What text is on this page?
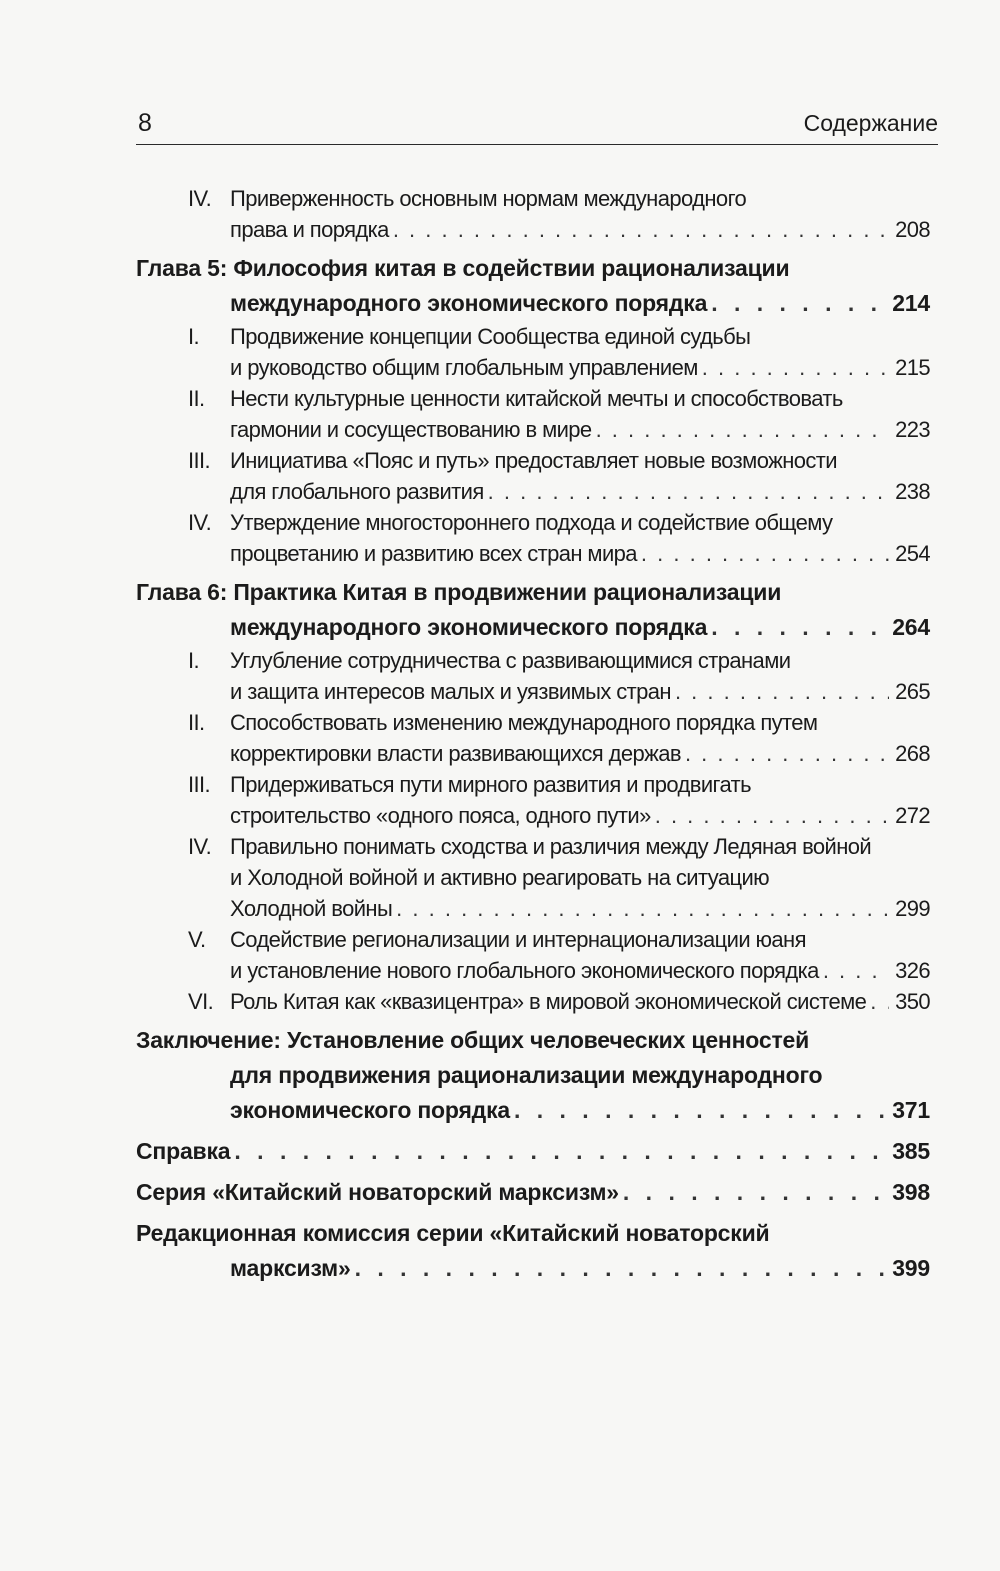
8	Содержание
IV. Приверженность основным нормам международного
права и порядка . . .	208
Глава 5: Философия китая в содействии рационализации
международного экономического порядка . . .	214
I. Продвижение концепции Сообщества единой судьбы
и руководство общим глобальным управлением . . .	215
II. Нести культурные ценности китайской мечты и способствовать
гармонии и сосуществованию в мире . . .	223
III. Инициатива «Пояс и путь» предоставляет новые возможности
для глобального развития . . .	238
IV. Утверждение многостороннего подхода и содействие общему
процветанию и развитию всех стран мира . . .	254
Глава 6: Практика Китая в продвижении рационализации
международного экономического порядка . . .	264
I. Углубление сотрудничества с развивающимися странами
и защита интересов малых и уязвимых стран . . .	265
II. Способствовать изменению международного порядка путем
корректировки власти развивающихся держав . . .	268
III. Придерживаться пути мирного развития и продвигать
строительство «одного пояса, одного пути» . . .	272
IV. Правильно понимать сходства и различия между Ледяная войной
и Холодной войной и активно реагировать на ситуацию
Холодной войны . . .	299
V. Содействие регионализации и интернационализации юаня
и установление нового глобального экономического порядка . . .	326
VI. Роль Китая как «квазицентра» в мировой экономической системе . . . 350
Заключение: Установление общих человеческих ценностей
для продвижения рационализации международного
экономического порядка . . .	371
Справка . . .	385
Серия «Китайский новаторский марксизм» . . .	398
Редакционная комиссия серии «Китайский новаторский
марксизм» . . .	399
